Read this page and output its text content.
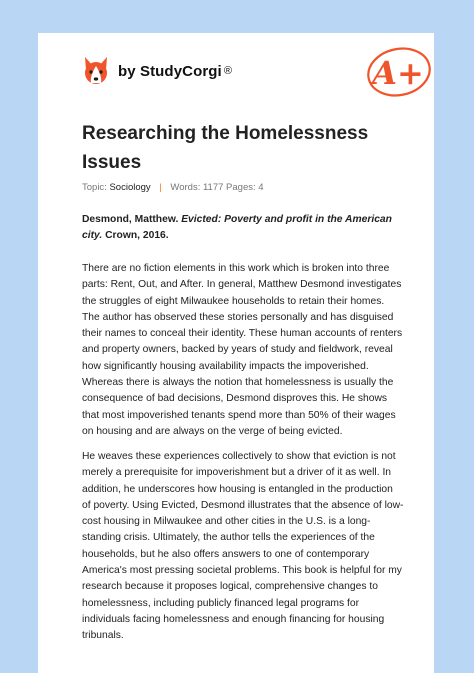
by StudyCorgi ®	A+
Researching the Homelessness Issues
Topic: Sociology | Words: 1177 Pages: 4

Desmond, Matthew. Evicted: Poverty and profit in the American city. Crown, 2016.

There are no fiction elements in this work which is broken into three parts: Rent, Out, and After. In general, Matthew Desmond investigates the struggles of eight Milwaukee households to retain their homes. The author has observed these stories personally and has disguised their names to conceal their identity. These human accounts of renters and property owners, backed by years of study and fieldwork, reveal how significantly housing availability impacts the impoverished. Whereas there is always the notion that homelessness is usually the consequence of bad decisions, Desmond disproves this. He shows that most impoverished tenants spend more than 50% of their wages on housing and are always on the verge of being evicted.

He weaves these experiences collectively to show that eviction is not merely a prerequisite for impoverishment but a driver of it as well. In addition, he underscores how housing is entangled in the production of poverty. Using Evicted, Desmond illustrates that the absence of low-cost housing in Milwaukee and other cities in the U.S. is a long-standing crisis. Ultimately, the author tells the experiences of the households, but he also offers answers to one of contemporary America's most pressing societal problems. This book is helpful for my research because it proposes logical, comprehensive changes to homelessness, including publicly financed legal programs for individuals facing homelessness and enough financing for housing tribunals.
